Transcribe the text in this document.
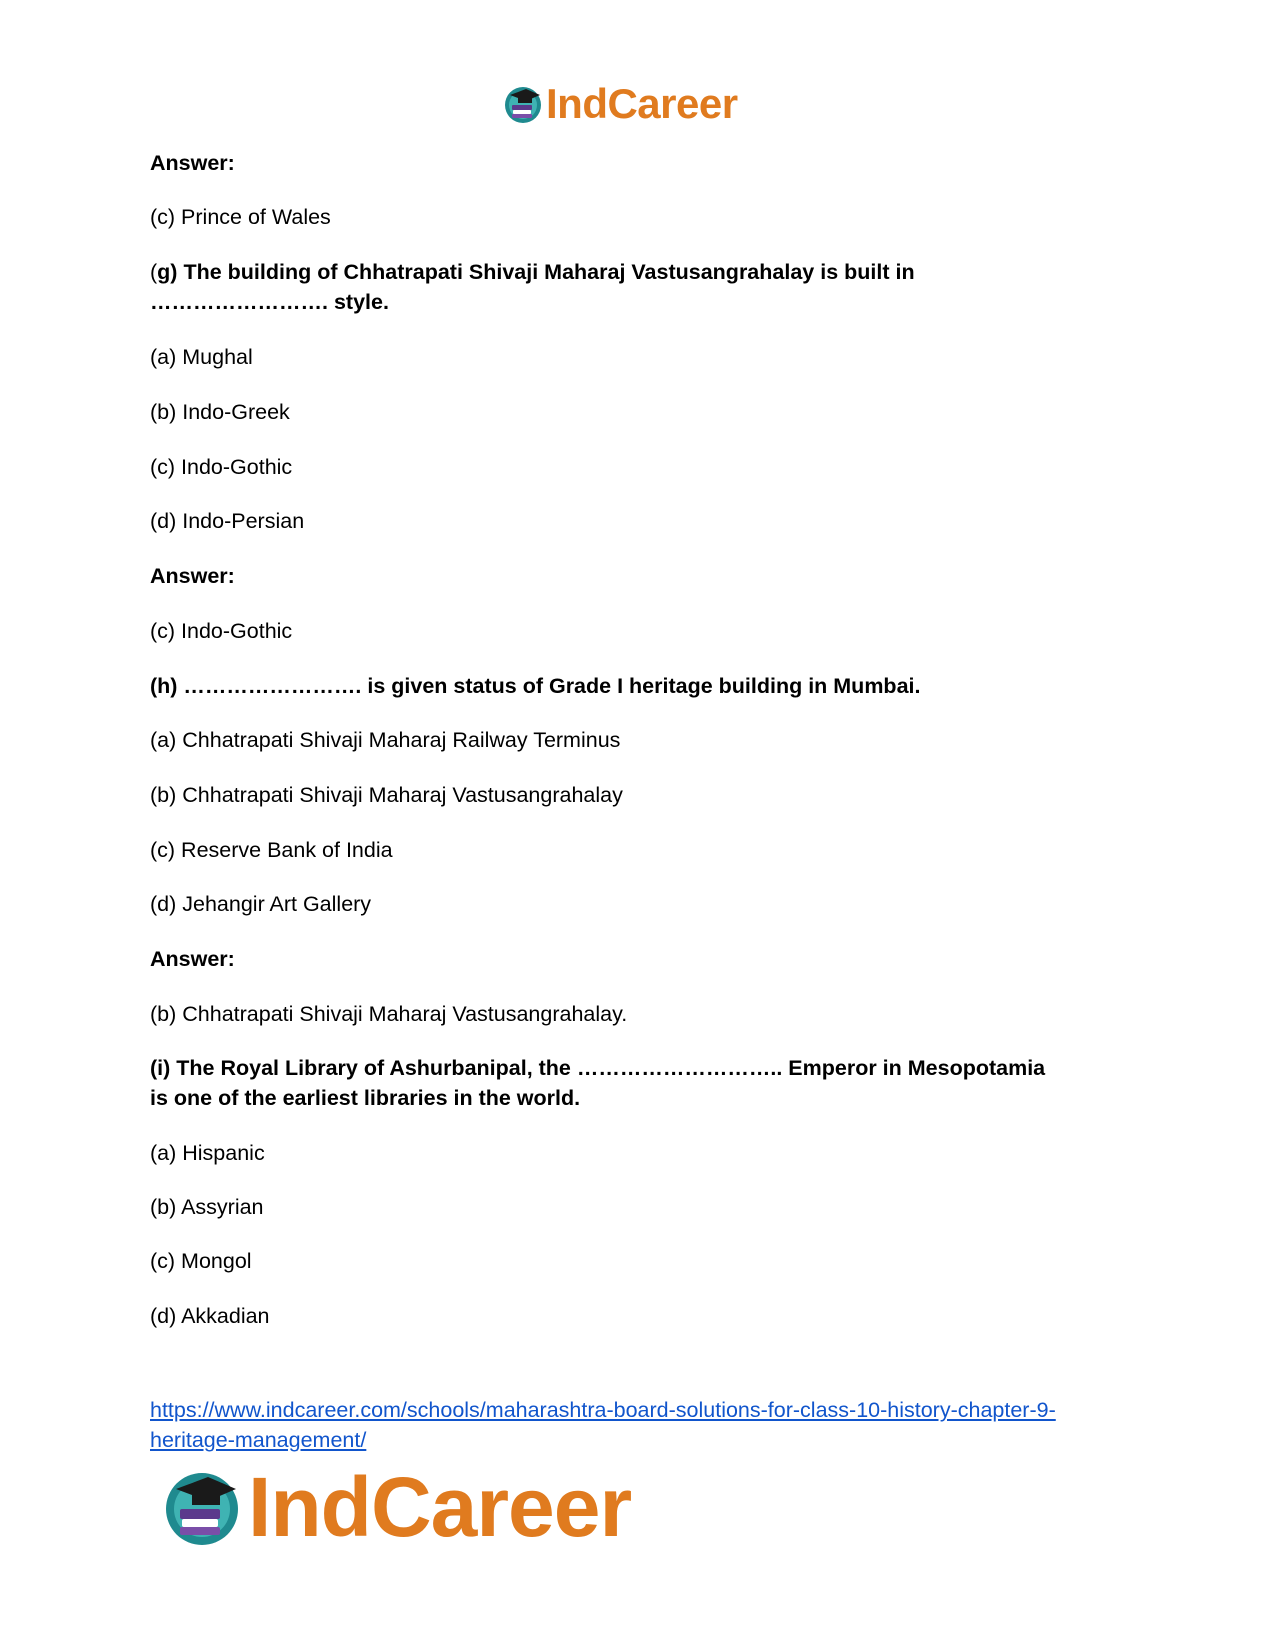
IndCareer
Answer:
(c) Prince of Wales
(g) The building of Chhatrapati Shivaji Maharaj Vastusangrahalay is built in
……………………. style.
(a) Mughal
(b) Indo-Greek
(c) Indo-Gothic
(d) Indo-Persian
Answer:
(c) Indo-Gothic
(h) ……………………. is given status of Grade I heritage building in Mumbai.
(a) Chhatrapati Shivaji Maharaj Railway Terminus
(b) Chhatrapati Shivaji Maharaj Vastusangrahalay
(c) Reserve Bank of India
(d) Jehangir Art Gallery
Answer:
(b) Chhatrapati Shivaji Maharaj Vastusangrahalay.
(i) The Royal Library of Ashurbanipal, the ……………………….. Emperor in Mesopotamia
is one of the earliest libraries in the world.
(a) Hispanic
(b) Assyrian
(c) Mongol
(d) Akkadian
https://www.indcareer.com/schools/maharashtra-board-solutions-for-class-10-history-chapter-9-
heritage-management/
IndCareer
